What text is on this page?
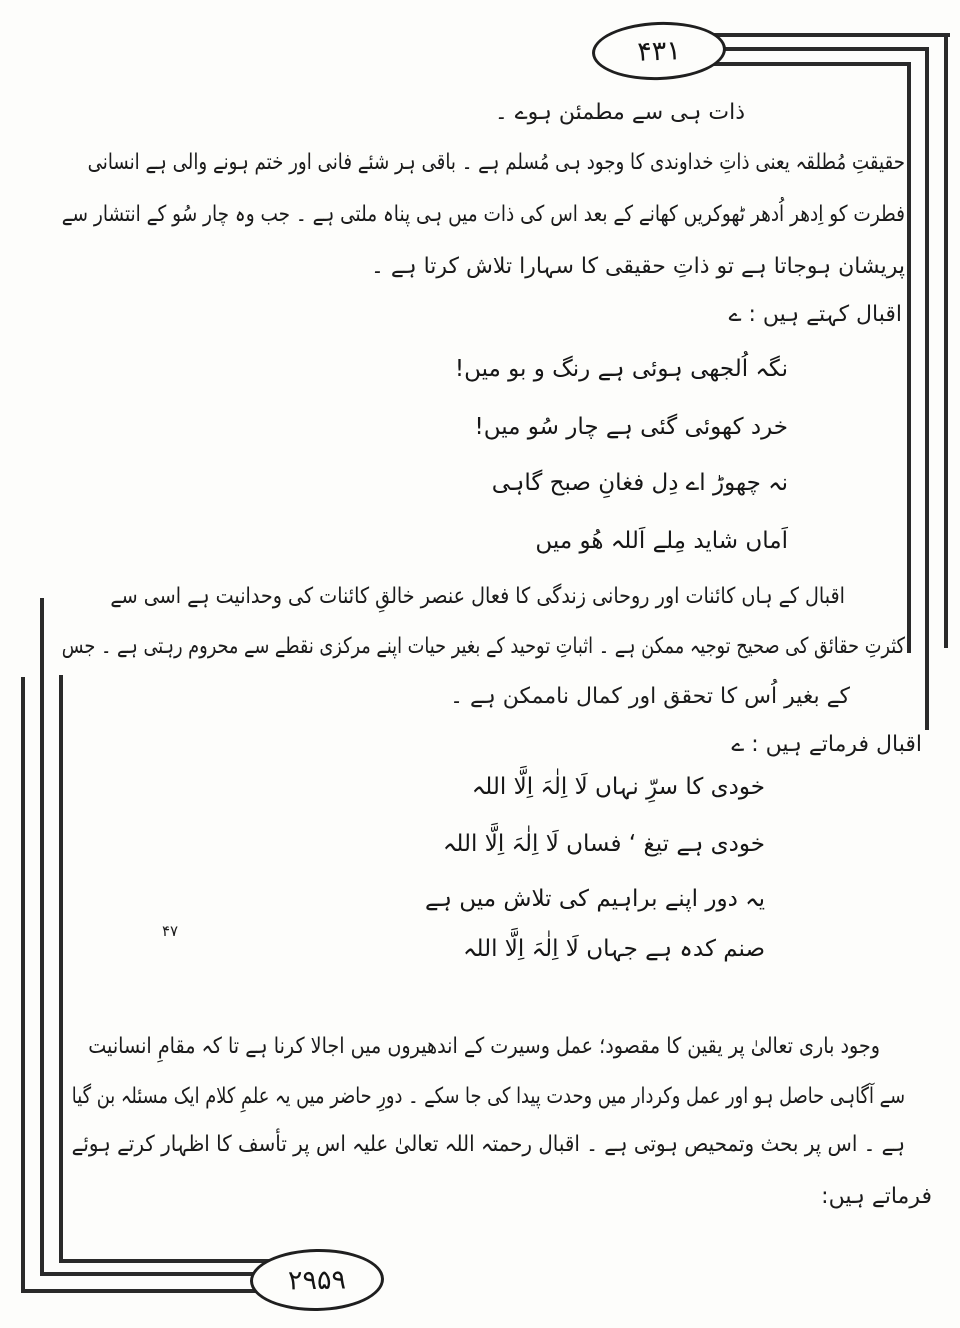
۴۳۱
۲۹۵۹
ذات ہی سے مطمئن ہوے ۔
حقیقتِ مُطلقہ یعنی ذاتِ خداوندی کا وجود ہی مُسلم ہے ۔ باقی ہر شئے فانی اور ختم ہونے والی ہے انسانی
فطرت کو اِدھر اُدھر ٹھوکریں کھانے کے بعد اس کی ذات میں ہی پناہ ملتی ہے ۔ جب وہ چار سُو کے انتشار سے
پریشان ہوجاتا ہے تو ذاتِ حقیقی کا سہارا تلاش کرتا ہے ۔
اقبال کہتے ہیں : ے
نگہ اُلجھی ہوئی ہے رنگ و بو میں!
خرد کھوئی گئی ہے چار سُو میں!
نہ چھوڑ اے دِل فغانِ صبح گاہی
اَماں شاید مِلے اَللہ ھُو میں
اقبال کے ہاں کائنات اور روحانی زندگی کا فعال عنصر خالقِ کائنات کی وحدانیت ہے اسی سے
کثرتِ حقائق کی صحیح توجیہ ممکن ہے ۔ اثباتِ توحید کے بغیر حیات اپنے مرکزی نقطے سے محروم رہتی ہے ۔ جس
کے بغیر اُس کا تحقق اور کمال ناممکن ہے ۔
اقبال فرماتے ہیں : ے
خودی کا سرِّ نہاں لَا اِلٰہَ اِلَّا اللہ
خودی ہے تیغ ‘ فساں لَا اِلٰہَ اِلَّا اللہ
یہ دور اپنے براہیم کی تلاش میں ہے
صنم کدہ ہے جہاں لَا اِلٰہَ اِلَّا اللہ
۴۷
وجود باری تعالیٰ پر یقین کا مقصود؛ عمل وسیرت کے اندھیروں میں اجالا کرنا ہے تا کہ مقامِ انسانیت
سے آگاہی حاصل ہو اور عمل وکردار میں وحدت پیدا کی جا سکے ۔ دورِ حاضر میں یہ علمِ کلام ایک مسئلہ بن گیا
ہے ۔ اس پر بحث وتمحیص ہوتی ہے ۔ اقبال رحمتہ اللہ تعالیٰ علیہ اس پر تأسف کا اظہار کرتے ہوئے
فرماتے ہیں:
